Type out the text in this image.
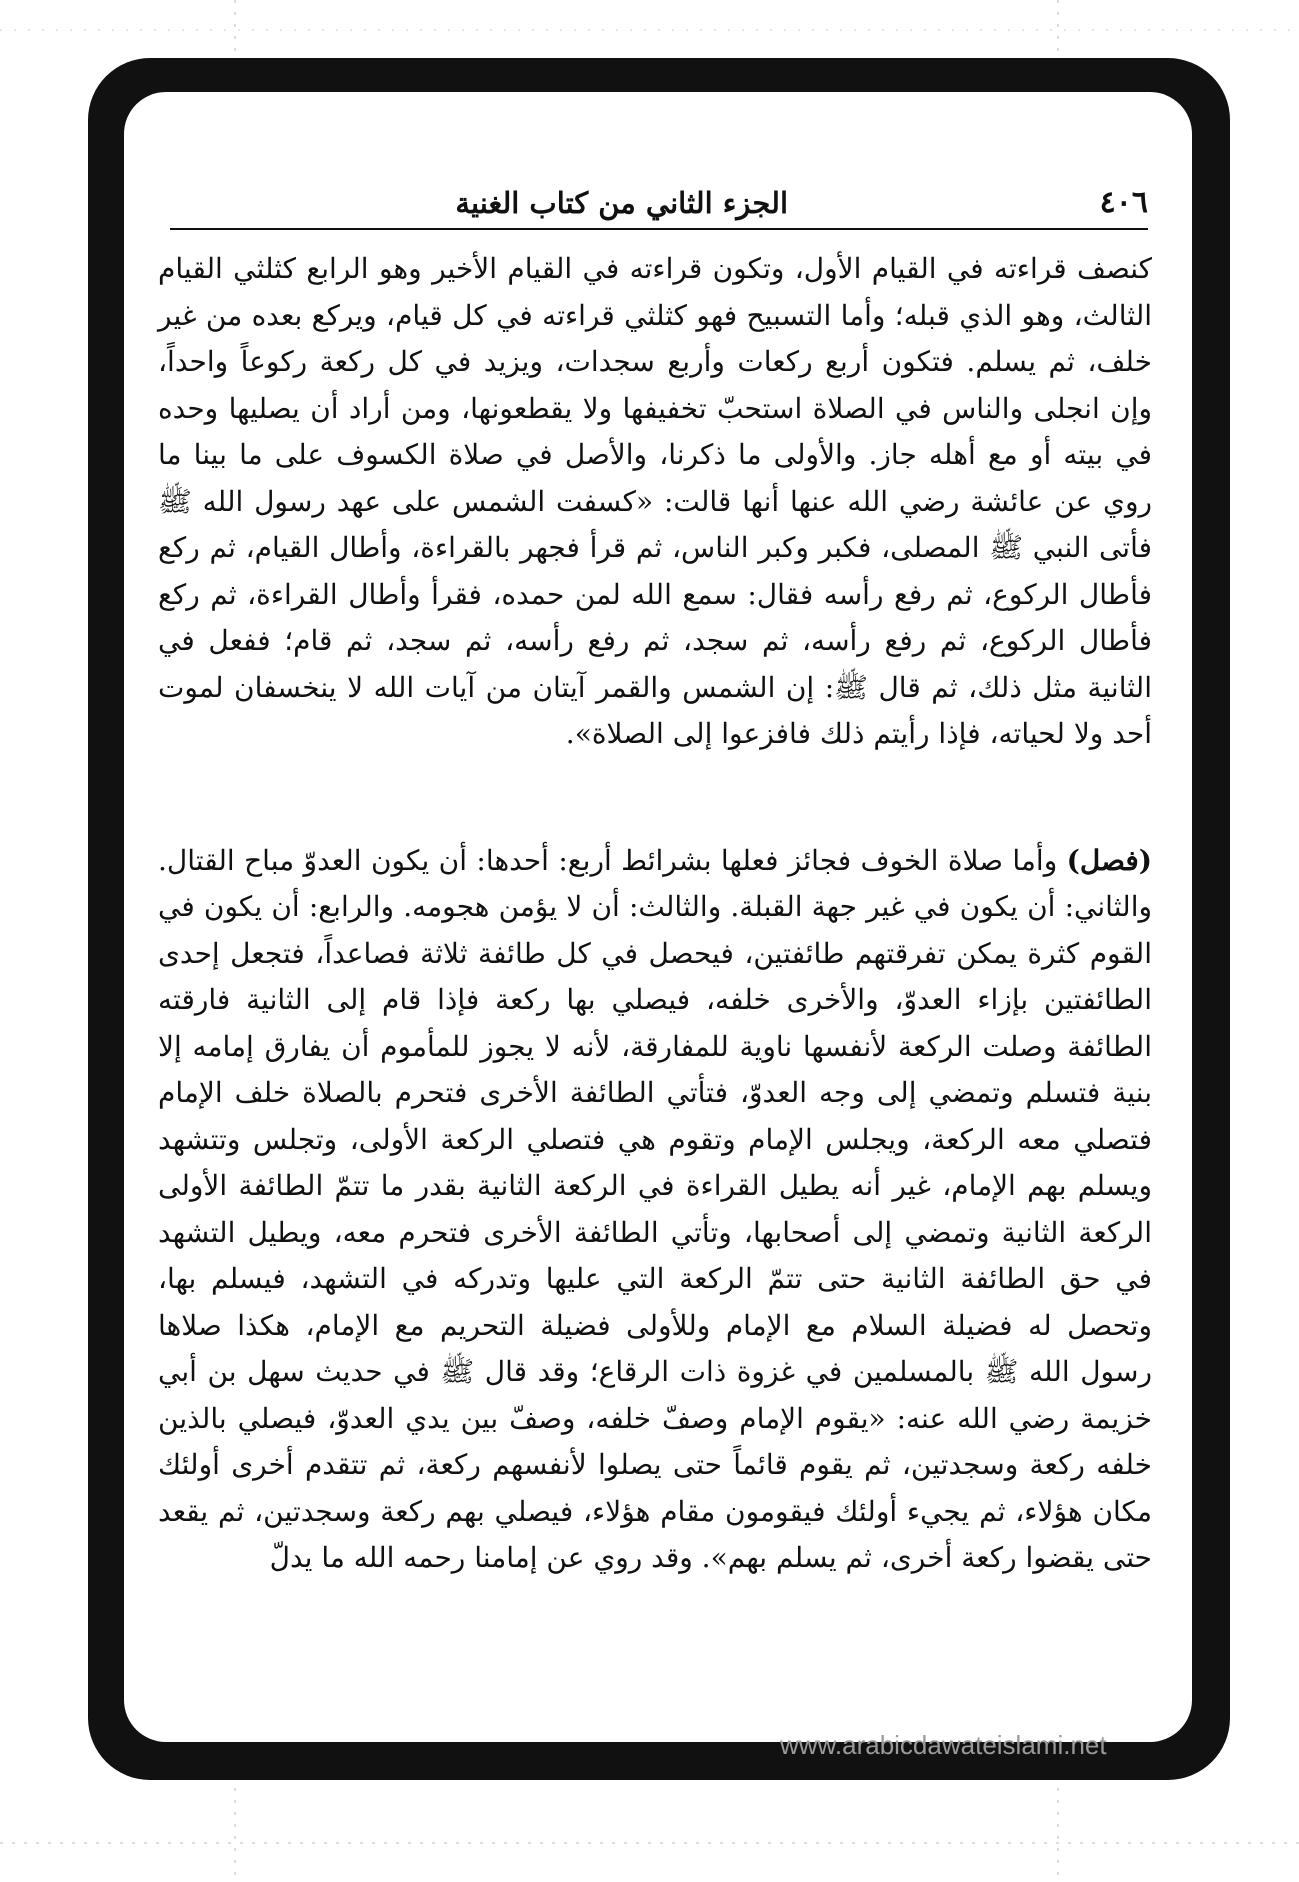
٤٠٦
الجزء الثاني من كتاب الغنية

كنصف قراءته في القيام الأول، وتكون قراءته في القيام الأخير وهو الرابع كثلثي القيام الثالث، وهو الذي قبله؛ وأما التسبيح فهو كثلثي قراءته في كل قيام، ويركع بعده من غير خلف، ثم يسلم. فتكون أربع ركعات وأربع سجدات، ويزيد في كل ركعة ركوعاً واحداً، وإن انجلى والناس في الصلاة استحبّ تخفيفها ولا يقطعونها، ومن أراد أن يصليها وحده في بيته أو مع أهله جاز. والأولى ما ذكرنا، والأصل في صلاة الكسوف على ما بينا ما روي عن عائشة رضي الله عنها أنها قالت: «كسفت الشمس على عهد رسول الله ﷺ فأتى النبي ﷺ المصلى، فكبر وكبر الناس، ثم قرأ فجهر بالقراءة، وأطال القيام، ثم ركع فأطال الركوع، ثم رفع رأسه فقال: سمع الله لمن حمده، فقرأ وأطال القراءة، ثم ركع فأطال الركوع، ثم رفع رأسه، ثم سجد، ثم رفع رأسه، ثم سجد، ثم قام؛ ففعل في الثانية مثل ذلك، ثم قال ﷺ: إن الشمس والقمر آيتان من آيات الله لا ينخسفان لموت أحد ولا لحياته، فإذا رأيتم ذلك فافزعوا إلى الصلاة».

(فصل) وأما صلاة الخوف فجائز فعلها بشرائط أربع: أحدها: أن يكون العدوّ مباح القتال. والثاني: أن يكون في غير جهة القبلة. والثالث: أن لا يؤمن هجومه. والرابع: أن يكون في القوم كثرة يمكن تفرقتهم طائفتين، فيحصل في كل طائفة ثلاثة فصاعداً، فتجعل إحدى الطائفتين بإزاء العدوّ، والأخرى خلفه، فيصلي بها ركعة فإذا قام إلى الثانية فارقته الطائفة وصلت الركعة لأنفسها ناوية للمفارقة، لأنه لا يجوز للمأموم أن يفارق إمامه إلا بنية فتسلم وتمضي إلى وجه العدوّ، فتأتي الطائفة الأخرى فتحرم بالصلاة خلف الإمام فتصلي معه الركعة، ويجلس الإمام وتقوم هي فتصلي الركعة الأولى، وتجلس وتتشهد ويسلم بهم الإمام، غير أنه يطيل القراءة في الركعة الثانية بقدر ما تتمّ الطائفة الأولى الركعة الثانية وتمضي إلى أصحابها، وتأتي الطائفة الأخرى فتحرم معه، ويطيل التشهد في حق الطائفة الثانية حتى تتمّ الركعة التي عليها وتدركه في التشهد، فيسلم بها، وتحصل له فضيلة السلام مع الإمام وللأولى فضيلة التحريم مع الإمام، هكذا صلاها رسول الله ﷺ بالمسلمين في غزوة ذات الرقاع؛ وقد قال ﷺ في حديث سهل بن أبي خزيمة رضي الله عنه: «يقوم الإمام وصفّ خلفه، وصفّ بين يدي العدوّ، فيصلي بالذين خلفه ركعة وسجدتين، ثم يقوم قائماً حتى يصلوا لأنفسهم ركعة، ثم تتقدم أخرى أولئك مكان هؤلاء، ثم يجيء أولئك فيقومون مقام هؤلاء، فيصلي بهم ركعة وسجدتين، ثم يقعد حتى يقضوا ركعة أخرى، ثم يسلم بهم». وقد روي عن إمامنا رحمه الله ما يدلّ

www.arabicdawateislami.net
